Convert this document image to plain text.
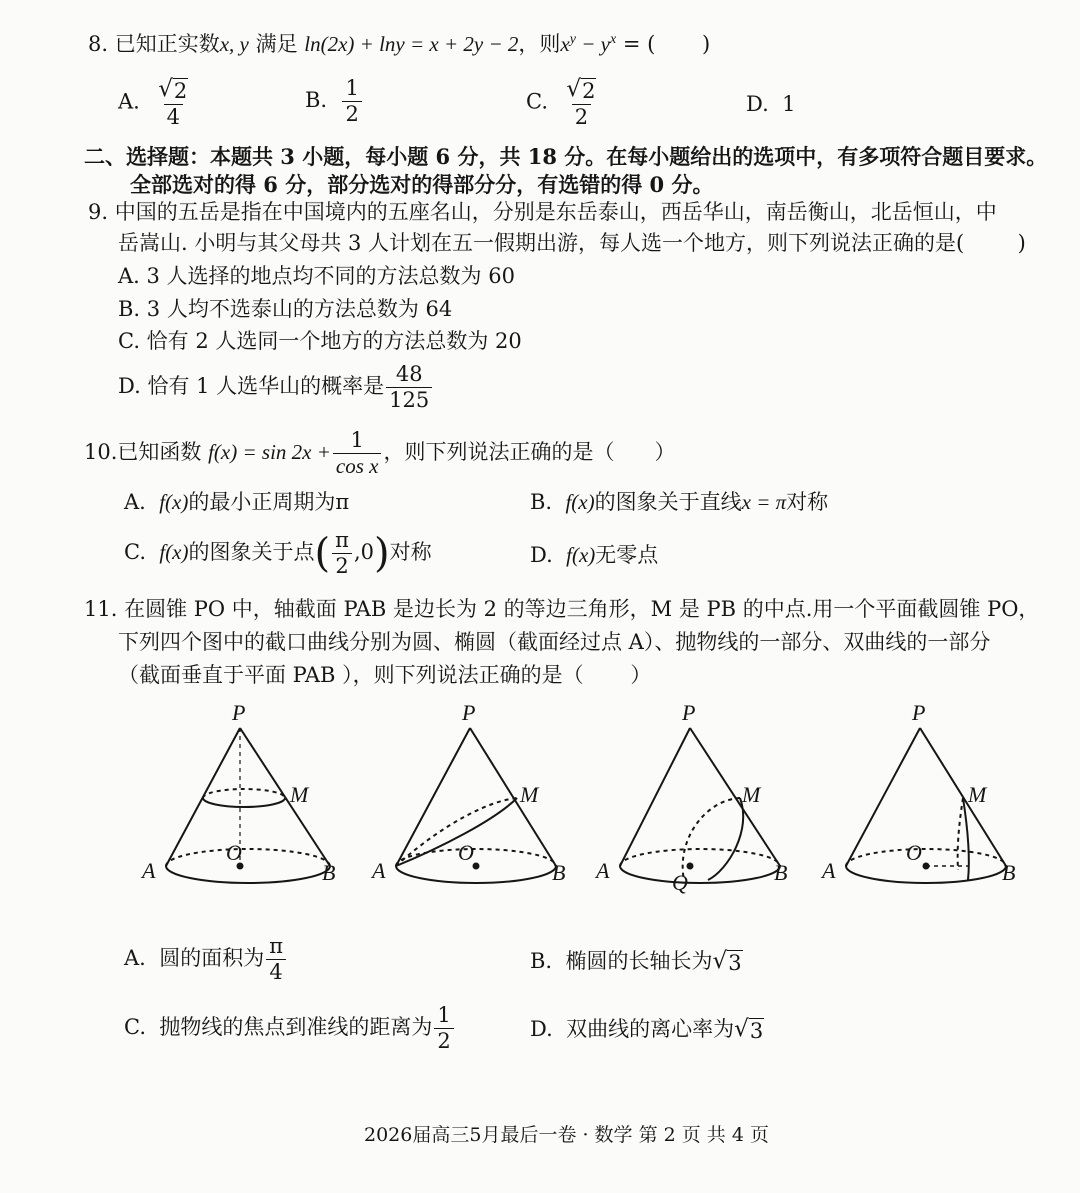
8. 已知正实数x, y 满足 ln(2x) + lny = x + 2y − 2，则$x^y - y^x$ = ( )
A. $\frac{√ 2}{4}$	B. $\frac{1}{2}$	C. $\frac{√ 2}{2}$	D. 1
二、选择题：本题共 3 小题，每小题 6 分，共 18 分。在每小题给出的选项中，有多项符合题目要求。
全部选对的得 6 分，部分选对的得部分分，有选错的得 0 分。
9. 中国的五岳是指在中国境内的五座名山，分别是东岳泰山，西岳华山，南岳衡山，北岳恒山，中
岳嵩山. 小明与其父母共 3 人计划在五一假期出游，每人选一个地方，则下列说法正确的是(	)
A. 3 人选择的地点均不同的方法总数为 60
B. 3 人均不选泰山的方法总数为 64
C. 恰有 2 人选同一个地方的方法总数为 20
D. 恰有 1 人选华山的概率是 $\frac{48}{125}$
10.已知函数 $f(x) = \sin 2x + \frac{1}{\text{cos x}}$ ，则下列说法正确的是（ ）
A. f(x)的最小正周期为π	B. f(x)的图象关于直线x = π对称
C. f(x)的图象关于点( $\frac{\pi}{2} ,0$)对称	D. f(x)无零点
11. 在圆锥 PO 中，轴截面 PAB 是边长为 2 的等边三角形，M 是 PB 的中点.用一个平面截圆锥 PO，
下列四个图中的截口曲线分别为圆、椭圆（截面经过点 A）、抛物线的一部分、双曲线的一部分
（截面垂直于平面 PAB ），则下列说法正确的是（ ）
P
M
O
A	B
P
M
O
A	B
P
M
Q
A	B
P
M
O
A	B
A. 圆的面积为 $\frac{\pi}{4}$	B. 椭圆的长轴长为 √ 3
C. 抛物线的焦点到准线的距离为 $\frac{1}{2}$	D. 双曲线的离心率为 √ 3
2026届高三5月最后一卷 · 数学 第 2 页 共 4 页
